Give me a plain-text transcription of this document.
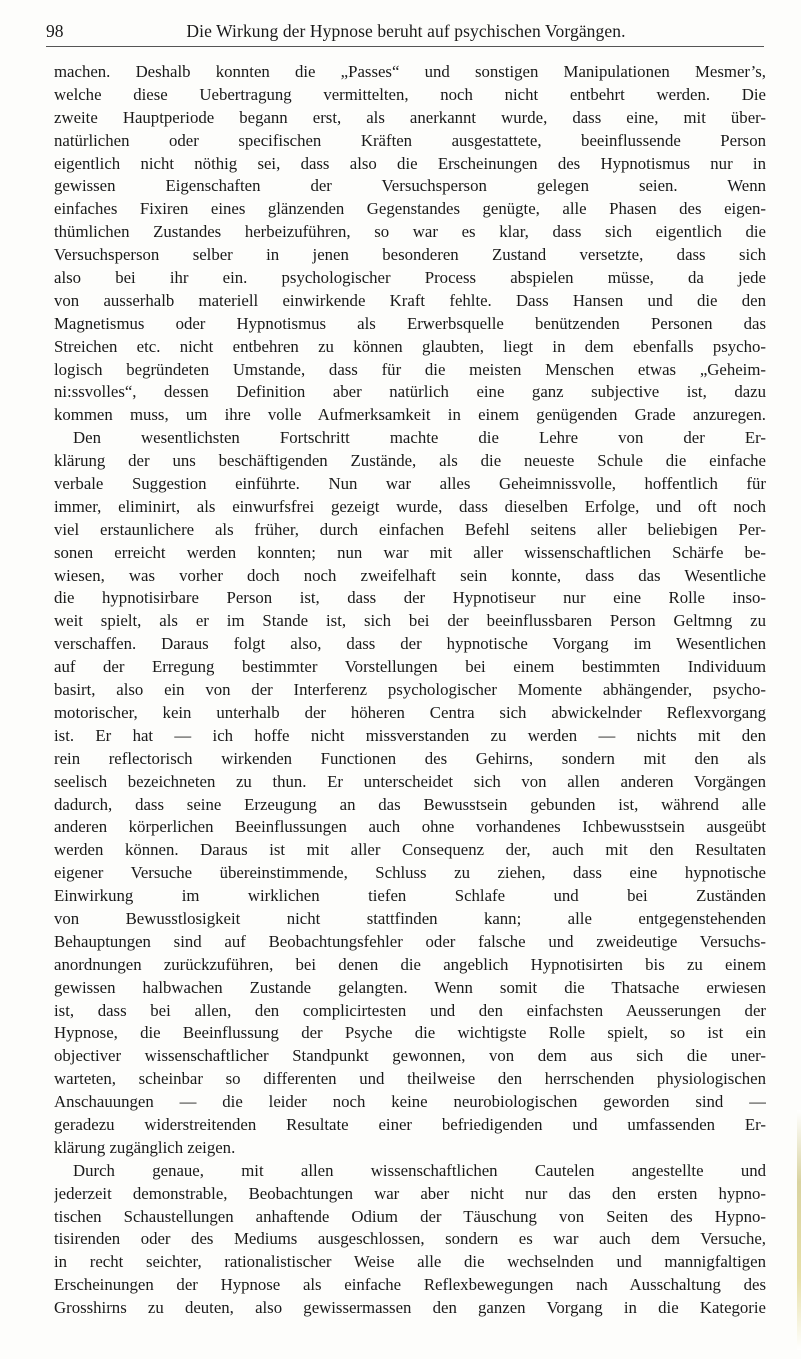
98	Die Wirkung der Hypnose beruht auf psychischen Vorgängen.
machen. Deshalb konnten die „Passes“ und sonstigen Manipulationen Mesmer’s,
welche diese Uebertragung vermittelten, noch nicht entbehrt werden. Die
zweite Hauptperiode begann erst, als anerkannt wurde, dass eine, mit über-
natürlichen oder specifischen Kräften ausgestattete, beeinflussende Person
eigentlich nicht nöthig sei, dass also die Erscheinungen des Hypnotismus nur in
gewissen Eigenschaften der Versuchsperson gelegen seien. Wenn
einfaches Fixiren eines glänzenden Gegenstandes genügte, alle Phasen des eigen-
thümlichen Zustandes herbeizuführen, so war es klar, dass sich eigentlich die
Versuchsperson selber in jenen besonderen Zustand versetzte, dass sich
also bei ihr ein. psychologischer Process abspielen müsse, da jede
von ausserhalb materiell einwirkende Kraft fehlte. Dass Hansen und die den
Magnetismus oder Hypnotismus als Erwerbsquelle benützenden Personen das
Streichen etc. nicht entbehren zu können glaubten, liegt in dem ebenfalls psycho-
logisch begründeten Umstande, dass für die meisten Menschen etwas „Geheim-
ni:ssvolles“, dessen Definition aber natürlich eine ganz subjective ist, dazu
kommen muss, um ihre volle Aufmerksamkeit in einem genügenden Grade anzuregen.
Den wesentlichsten Fortschritt machte die Lehre von der Er-
klärung der uns beschäftigenden Zustände, als die neueste Schule die einfache
verbale Suggestion einführte. Nun war alles Geheimnissvolle, hoffentlich für
immer, eliminirt, als einwurfsfrei gezeigt wurde, dass dieselben Erfolge, und oft noch
viel erstaunlichere als früher, durch einfachen Befehl seitens aller beliebigen Per-
sonen erreicht werden konnten; nun war mit aller wissenschaftlichen Schärfe be-
wiesen, was vorher doch noch zweifelhaft sein konnte, dass das Wesentliche
die hypnotisirbare Person ist, dass der Hypnotiseur nur eine Rolle inso-
weit spielt, als er im Stande ist, sich bei der beeinflussbaren Person Geltmng zu
verschaffen. Daraus folgt also, dass der hypnotische Vorgang im Wesentlichen
auf der Erregung bestimmter Vorstellungen bei einem bestimmten Individuum
basirt, also ein von der Interferenz psychologischer Momente abhängender, psycho-
motorischer, kein unterhalb der höheren Centra sich abwickelnder Reflexvorgang
ist. Er hat — ich hoffe nicht missverstanden zu werden — nichts mit den
rein reflectorisch wirkenden Functionen des Gehirns, sondern mit den als
seelisch bezeichneten zu thun. Er unterscheidet sich von allen anderen Vorgängen
dadurch, dass seine Erzeugung an das Bewusstsein gebunden ist, während alle
anderen körperlichen Beeinflussungen auch ohne vorhandenes Ichbewusstsein ausgeübt
werden können. Daraus ist mit aller Consequenz der, auch mit den Resultaten
eigener Versuche übereinstimmende, Schluss zu ziehen, dass eine hypnotische
Einwirkung im wirklichen tiefen Schlafe und bei Zuständen
von Bewusstlosigkeit nicht stattfinden kann; alle entgegenstehenden
Behauptungen sind auf Beobachtungsfehler oder falsche und zweideutige Versuchs-
anordnungen zurückzuführen, bei denen die angeblich Hypnotisirten bis zu einem
gewissen halbwachen Zustande gelangten. Wenn somit die Thatsache erwiesen
ist, dass bei allen, den complicirtesten und den einfachsten Aeusserungen der
Hypnose, die Beeinflussung der Psyche die wichtigste Rolle spielt, so ist ein
objectiver wissenschaftlicher Standpunkt gewonnen, von dem aus sich die uner-
warteten, scheinbar so differenten und theilweise den herrschenden physiologischen
Anschauungen — die leider noch keine neurobiologischen geworden sind —
geradezu widerstreitenden Resultate einer befriedigenden und umfassenden Er-
klärung zugänglich zeigen.
Durch genaue, mit allen wissenschaftlichen Cautelen angestellte und
jederzeit demonstrable, Beobachtungen war aber nicht nur das den ersten hypno-
tischen Schaustellungen anhaftende Odium der Täuschung von Seiten des Hypno-
tisirenden oder des Mediums ausgeschlossen, sondern es war auch dem Versuche,
in recht seichter, rationalistischer Weise alle die wechselnden und mannigfaltigen
Erscheinungen der Hypnose als einfache Reflexbewegungen nach Ausschaltung des
Grosshirns zu deuten, also gewissermassen den ganzen Vorgang in die Kategorie
